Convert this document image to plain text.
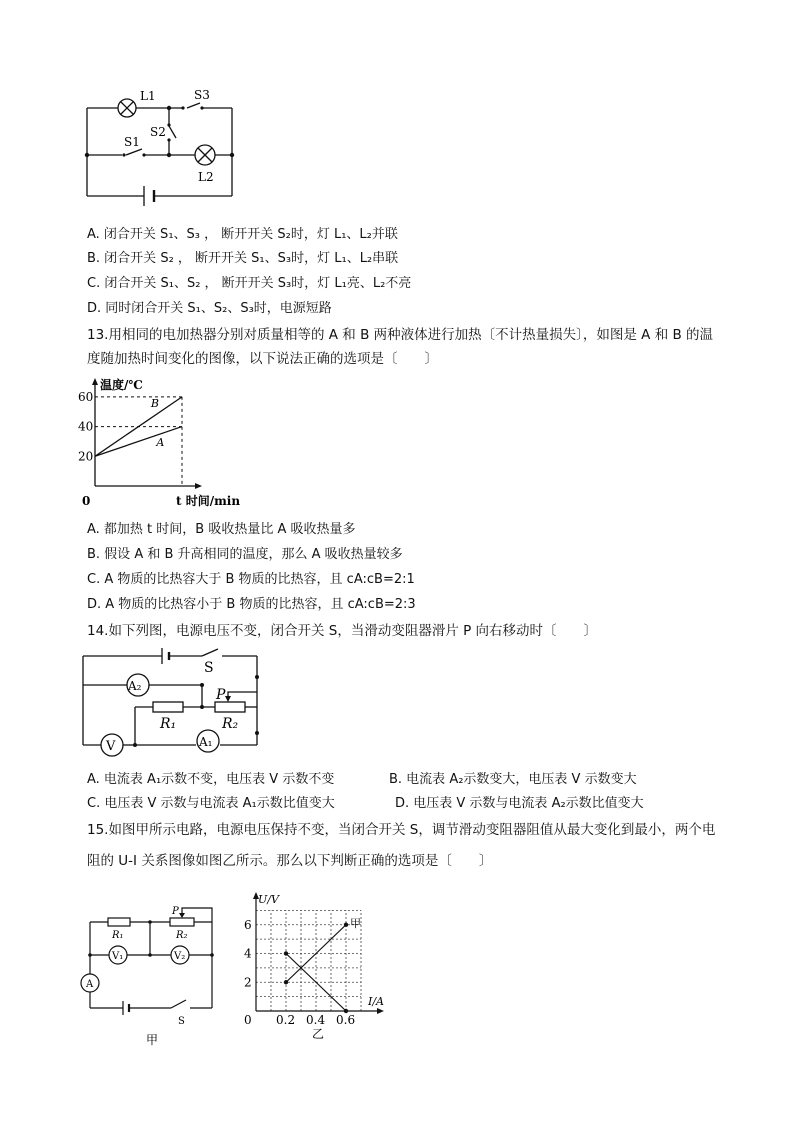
L1	S3
S2
S1
L2
A. 闭合开关 S₁、S₃ ， 断开开关 S₂时，灯 L₁、L₂并联
B. 闭合开关 S₂ ， 断开开关 S₁、S₃时，灯 L₁、L₂串联
C. 闭合开关 S₁、S₂ ， 断开开关 S₃时，灯 L₁亮、L₂不亮
D. 同时闭合开关 S₁、S₂、S₃时，电源短路
13.用相同的电加热器分别对质量相等的 A 和 B 两种液体进行加热〔不计热量损失〕，如图是 A 和 B 的温
度随加热时间变化的图像，以下说法正确的选项是〔　　〕
0
温度/℃
t 时间/min
20
40
60	B
A
A. 都加热 t 时间，B 吸收热量比 A 吸收热量多
B. 假设 A 和 B 升高相同的温度，那么 A 吸收热量较多
C. A 物质的比热容大于 B 物质的比热容，且 cA:cB=2:1
D. A 物质的比热容小于 B 物质的比热容，且 cA:cB=2:3
14.如下列图，电源电压不变，闭合开关 S，当滑动变阻器滑片 P 向右移动时〔　　〕
S
A₂
P
R₁	R₂
V	A₁
A. 电流表 A₁示数不变，电压表 V 示数不变	B. 电流表 A₂示数变大，电压表 V 示数变大
C. 电压表 V 示数与电流表 A₁示数比值变大	D. 电压表 V 示数与电流表 A₂示数比值变大
15.如图甲所示电路，电源电压保持不变，当闭合开关 S，调节滑动变阻器阻值从最大变化到最小，两个电
阻的 U-I 关系图像如图乙所示。那么以下判断正确的选项是〔　　〕
R₁	R₂
P
V₁	V₂
A
S
甲
U/V
I/A
甲
2
4
6
0 0.2 0.4 0.6
乙
